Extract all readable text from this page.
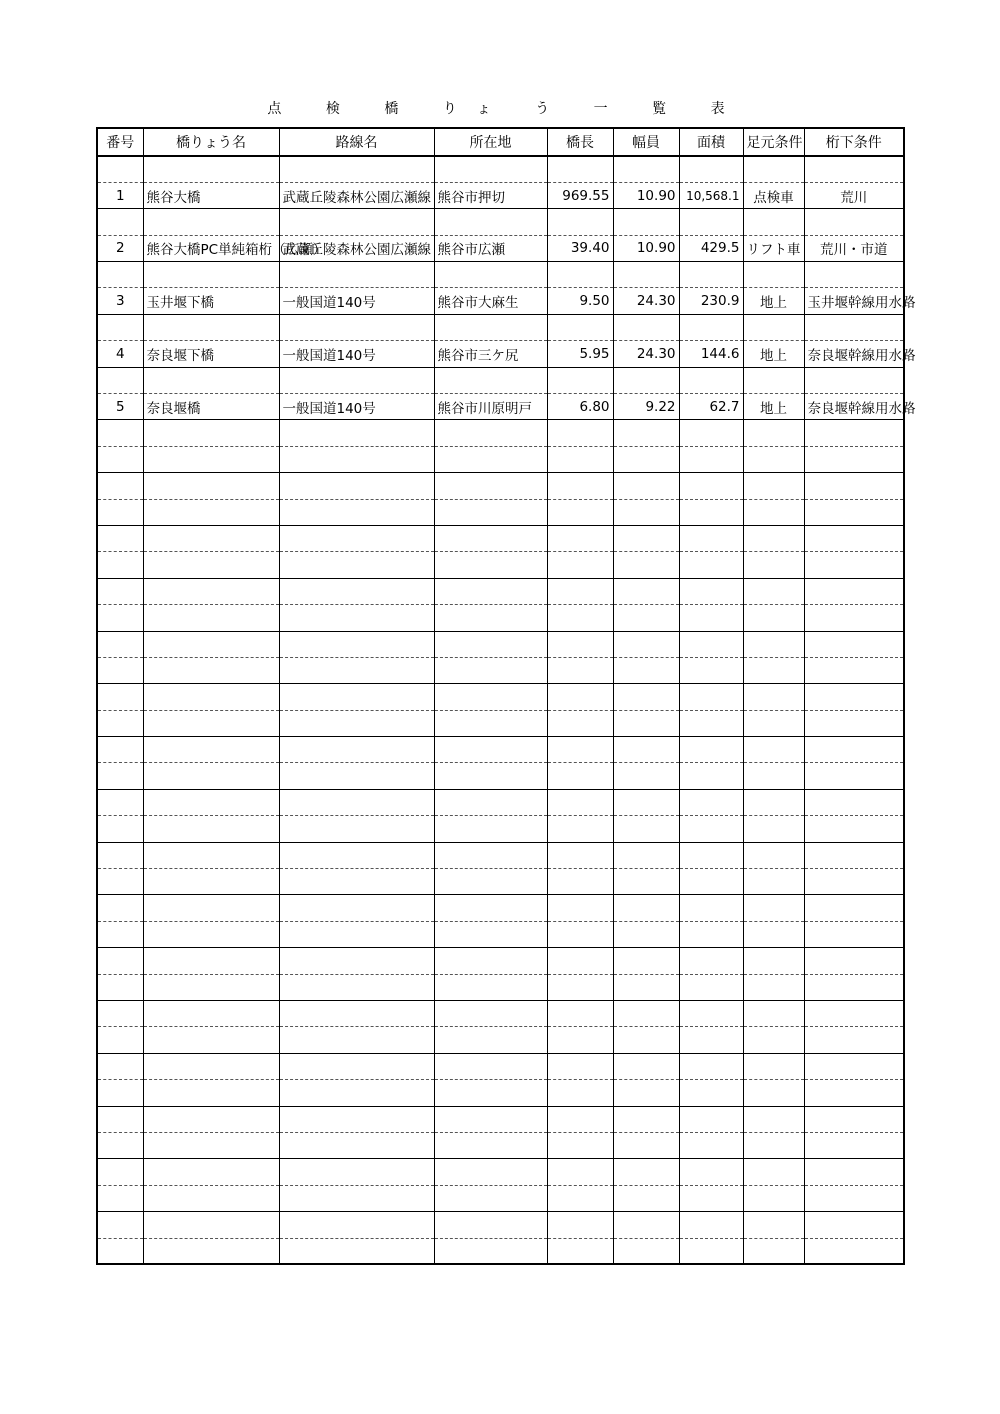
点 検 橋 りょ う 一 覧 表
番号	橋りょう名	路線名	所在地	橋長	幅員	面積	足元条件	桁下条件

1	熊谷大橋	武蔵丘陵森林公園広瀬線	熊谷市押切	969.55	10.90	10,568.1	点検車	荒川

2	熊谷大橋PC単純箱桁（広瀬）	武蔵丘陵森林公園広瀬線	熊谷市広瀬	39.40	10.90	429.5	リフト車	荒川・市道

3	玉井堰下橋	一般国道140号	熊谷市大麻生	9.50	24.30	230.9	地上	玉井堰幹線用水路

4	奈良堰下橋	一般国道140号	熊谷市三ケ尻	5.95	24.30	144.6	地上	奈良堰幹線用水路

5	奈良堰橋	一般国道140号	熊谷市川原明戸	6.80	9.22	62.7	地上	奈良堰幹線用水路
